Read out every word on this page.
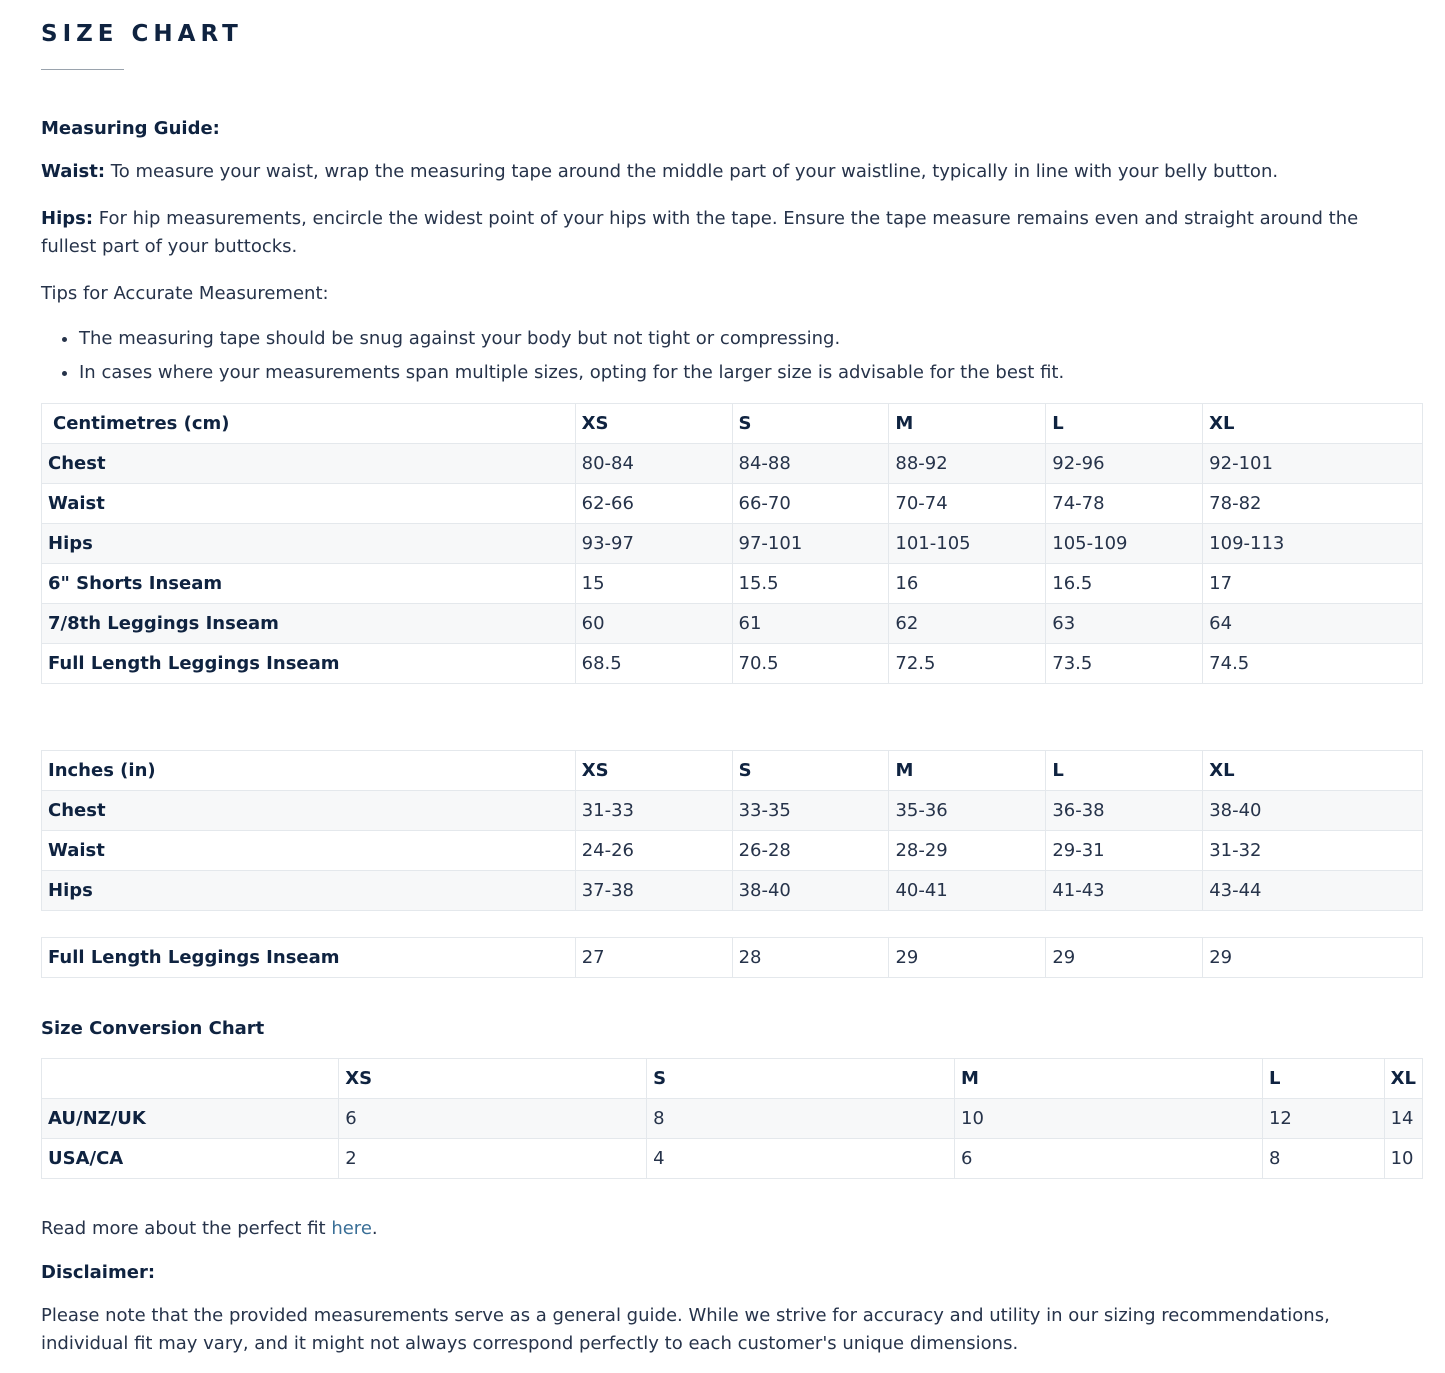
SIZE CHART
Measuring Guide:

Waist: To measure your waist, wrap the measuring tape around the middle part of your waistline, typically in line with your belly button.

Hips: For hip measurements, encircle the widest point of your hips with the tape. Ensure the tape measure remains even and straight around the fullest part of your buttocks.

Tips for Accurate Measurement:

• The measuring tape should be snug against your body but not tight or compressing.
• In cases where your measurements span multiple sizes, opting for the larger size is advisable for the best fit.
Centimetres (cm)	XS	S	M	L	XL
Chest	80-84	84-88	88-92	92-96	92-101
Waist	62-66	66-70	70-74	74-78	78-82
Hips	93-97	97-101	101-105	105-109	109-113
6" Shorts Inseam	15	15.5	16	16.5	17
7/8th Leggings Inseam	60	61	62	63	64
Full Length Leggings Inseam	68.5	70.5	72.5	73.5	74.5
Inches (in)	XS	S	M	L	XL
Chest	31-33	33-35	35-36	36-38	38-40
Waist	24-26	26-28	28-29	29-31	31-32
Hips	37-38	38-40	40-41	41-43	43-44

Full Length Leggings Inseam	27	28	29	29	29
Size Conversion Chart
	XS	S	M	L	XL
AU/NZ/UK	6	8	10	12	14
USA/CA	2	4	6	8	10

Read more about the perfect fit here.

Disclaimer:

Please note that the provided measurements serve as a general guide. While we strive for accuracy and utility in our sizing recommendations, individual fit may vary, and it might not always correspond perfectly to each customer's unique dimensions.
